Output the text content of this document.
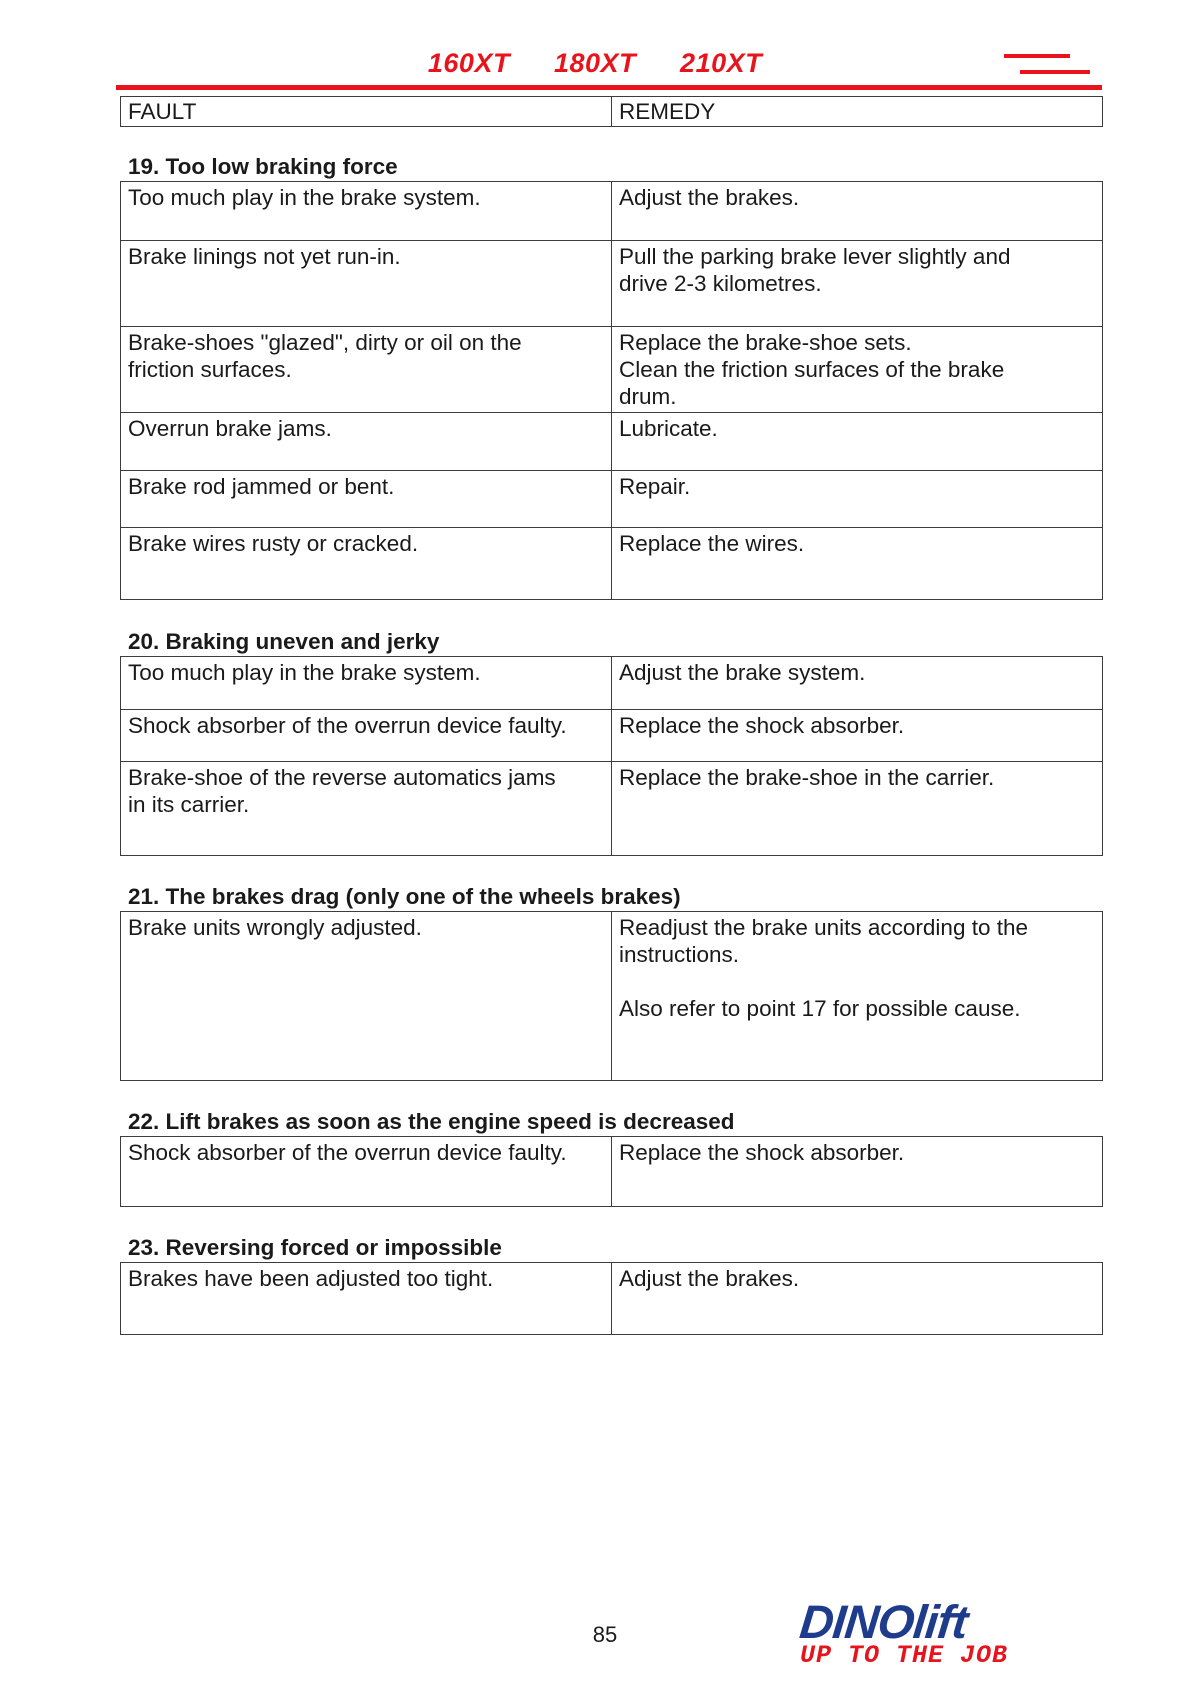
160XT 180XT 210XT
FAULT	REMEDY
19. Too low braking force
Too much play in the brake system.	Adjust the brakes.
Brake linings not yet run-in.	Pull the parking brake lever slightly and
drive 2-3 kilometres.
Brake-shoes "glazed", dirty or oil on the
friction surfaces.	Replace the brake-shoe sets.
Clean the friction surfaces of the brake
drum.
Overrun brake jams.	Lubricate.
Brake rod jammed or bent.	Repair.
Brake wires rusty or cracked.	Replace the wires.
20. Braking uneven and jerky
Too much play in the brake system.	Adjust the brake system.
Shock absorber of the overrun device faulty.	Replace the shock absorber.
Brake-shoe of the reverse automatics jams
in its carrier.	Replace the brake-shoe in the carrier.
21. The brakes drag (only one of the wheels brakes)
Brake units wrongly adjusted.	Readjust the brake units according to the
instructions.

Also refer to point 17 for possible cause.
22. Lift brakes as soon as the engine speed is decreased
Shock absorber of the overrun device faulty.	Replace the shock absorber.
23. Reversing forced or impossible
Brakes have been adjusted too tight.	Adjust the brakes.
85	DINOlift
UP TO THE JOB
